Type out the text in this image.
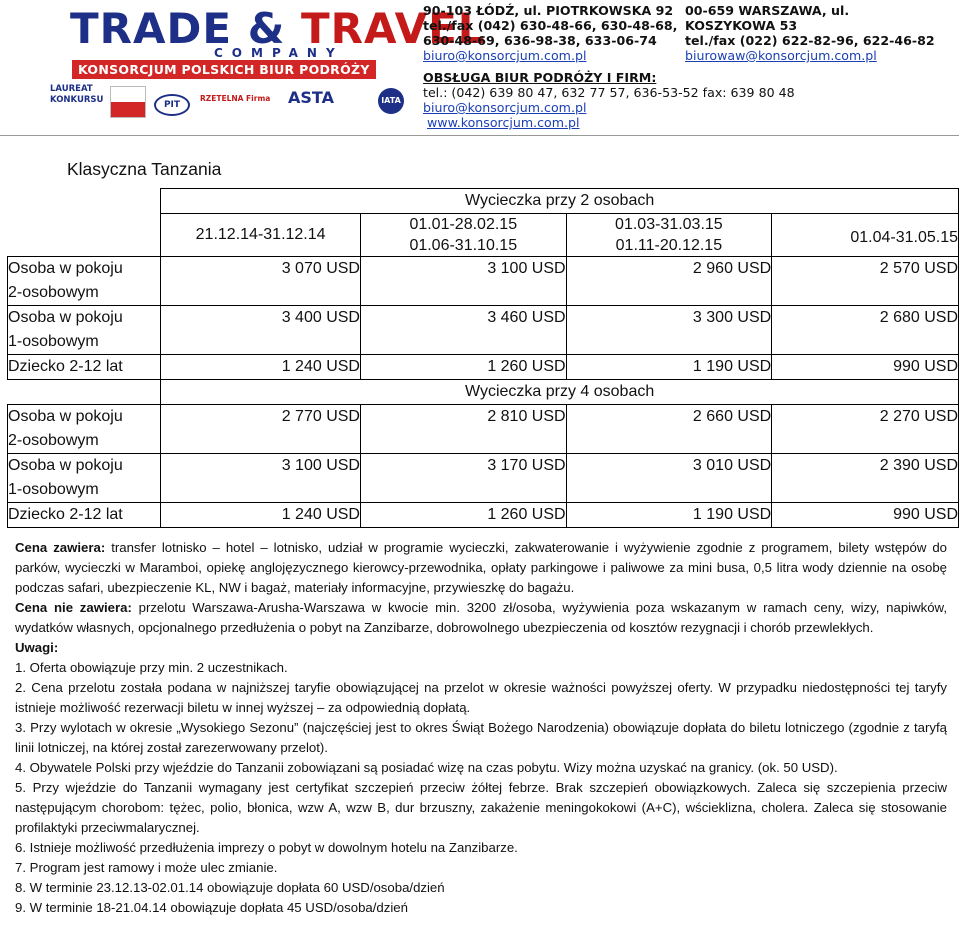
TRADE & TRAVEL
COMPANY
KONSORCJUM POLSKICH BIUR PODRÓŻY
LAUREAT KONKURSU	PIT
RZETELNA Firma ASTA	IATA
90-103 ŁÓDŹ, ul. PIOTRKOWSKA 92
tel./fax (042) 630-48-66, 630-48-68,
630-48-69, 636-98-38, 633-06-74
biuro@konsorcjum.com.pl
00-659 WARSZAWA, ul.
KOSZYKOWA 53
tel./fax (022) 622-82-96, 622-46-82
biurowaw@konsorcjum.com.pl
OBSŁUGA BIUR PODRÓŻY I FIRM:
tel.: (042) 639 80 47, 632 77 57, 636-53-52 fax: 639 80 48
biuro@konsorcjum.com.pl
www.konsorcjum.com.pl
Klasyczna Tanzania
	Wycieczka przy 2 osobach			
	21.12.14-31.12.14	01.01-28.02.15	01.03-31.03.15	01.04-31.05.15
		01.06-31.10.15	01.11-20.12.15	
Osoba w pokoju
2-osobowym	3 070 USD	3 100 USD	2 960 USD	2 570 USD
Osoba w pokoju
1-osobowym	3 400 USD	3 460 USD	3 300 USD	2 680 USD
Dziecko 2-12 lat	1 240 USD	1 260 USD	1 190 USD	990 USD
	Wycieczka przy 4 osobach			
Osoba w pokoju
2-osobowym	2 770 USD	2 810 USD	2 660 USD	2 270 USD
Osoba w pokoju
1-osobowym	3 100 USD	3 170 USD	3 010 USD	2 390 USD
Dziecko 2-12 lat	1 240 USD	1 260 USD	1 190 USD	990 USD

Cena zawiera: transfer lotnisko – hotel – lotnisko, udział w programie wycieczki, zakwaterowanie i wyżywienie zgodnie z programem, bilety wstępów do parków, wycieczki w Maramboi, opiekę anglojęzycznego kierowcy-przewodnika, opłaty parkingowe i paliwowe za mini busa, 0,5 litra wody dziennie na osobę podczas safari, ubezpieczenie KL, NW i bagaż, materiały informacyjne, przywieszkę do bagażu.

Cena nie zawiera: przelotu Warszawa-Arusha-Warszawa w kwocie min. 3200 zł/osoba, wyżywienia poza wskazanym w ramach ceny, wizy, napiwków, wydatków własnych, opcjonalnego przedłużenia o pobyt na Zanzibarze, dobrowolnego ubezpieczenia od kosztów rezygnacji i chorób przewlekłych.

Uwagi:

1. Oferta obowiązuje przy min. 2 uczestnikach.

2. Cena przelotu została podana w najniższej taryfie obowiązującej na przelot w okresie ważności powyższej oferty. W przypadku niedostępności tej taryfy istnieje możliwość rezerwacji biletu w innej wyższej – za odpowiednią dopłatą.

3. Przy wylotach w okresie „Wysokiego Sezonu” (najczęściej jest to okres Świąt Bożego Narodzenia) obowiązuje dopłata do biletu lotniczego (zgodnie z taryfą linii lotniczej, na której został zarezerwowany przelot).

4. Obywatele Polski przy wjeździe do Tanzanii zobowiązani są posiadać wizę na czas pobytu. Wizy można uzyskać na granicy. (ok. 50 USD).

5. Przy wjeździe do Tanzanii wymagany jest certyfikat szczepień przeciw żółtej febrze. Brak szczepień obowiązkowych. Zaleca się szczepienia przeciw następującym chorobom: tężec, polio, błonica, wzw A, wzw B, dur brzuszny, zakażenie meningokokowi (A+C), wścieklizna, cholera. Zaleca się stosowanie profilaktyki przeciwmalarycznej.

6. Istnieje możliwość przedłużenia imprezy o pobyt w dowolnym hotelu na Zanzibarze.

7. Program jest ramowy i może ulec zmianie.

8. W terminie 23.12.13-02.01.14 obowiązuje dopłata 60 USD/osoba/dzień

9. W terminie 18-21.04.14 obowiązuje dopłata 45 USD/osoba/dzień
